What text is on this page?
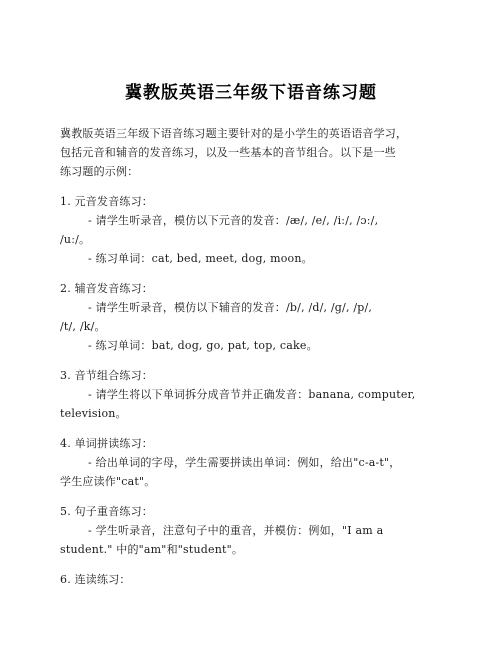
冀教版英语三年级下语音练习题
冀教版英语三年级下语音练习题主要针对的是小学生的英语语音学习，
包括元音和辅音的发音练习，以及一些基本的音节组合。以下是一些
练习题的示例：
1. 元音发音练习：
- 请学生听录音，模仿以下元音的发音：/æ/, /e/, /iː/, /ɔː/,
/uː/。
- 练习单词：cat, bed, meet, dog, moon。
2. 辅音发音练习：
- 请学生听录音，模仿以下辅音的发音：/b/, /d/, /g/, /p/,
/t/, /k/。
- 练习单词：bat, dog, go, pat, top, cake。
3. 音节组合练习：
- 请学生将以下单词拆分成音节并正确发音：banana, computer,
television。
4. 单词拼读练习：
- 给出单词的字母，学生需要拼读出单词：例如，给出"c-a-t"，
学生应读作"cat"。
5. 句子重音练习：
- 学生听录音，注意句子中的重音，并模仿：例如，"I am a
student." 中的"am"和"student"。
6. 连读练习：
